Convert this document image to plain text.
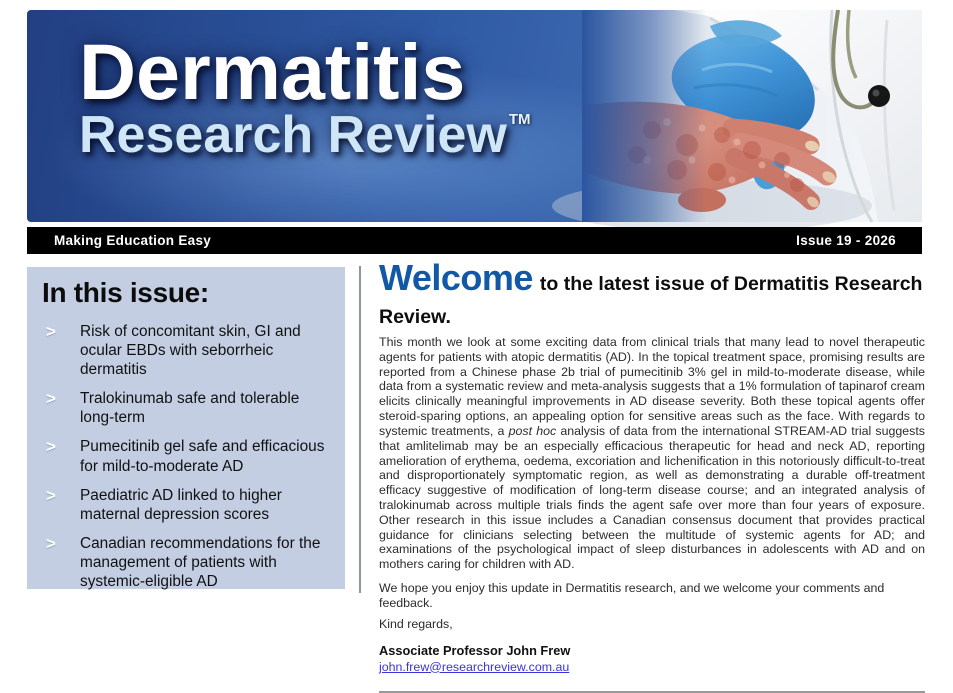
Dermatitis
Research Review TM
Making Education Easy	Issue 19 - 2026
In this issue:
>	Risk of concomitant skin, GI and ocular EBDs with seborrheic dermatitis
>	Tralokinumab safe and tolerable long-term
>	Pumecitinib gel safe and efficacious for mild-to-moderate AD
>	Paediatric AD linked to higher maternal depression scores
>	Canadian recommendations for the management of patients with systemic-eligible AD
Welcome to the latest issue of Dermatitis Research Review.

This month we look at some exciting data from clinical trials that many lead to novel therapeutic agents for patients with atopic dermatitis (AD). In the topical treatment space, promising results are reported from a Chinese phase 2b trial of pumecitinib 3% gel in mild-to-moderate disease, while data from a systematic review and meta-analysis suggests that a 1% formulation of tapinarof cream elicits clinically meaningful improvements in AD disease severity. Both these topical agents offer steroid-sparing options, an appealing option for sensitive areas such as the face. With regards to systemic treatments, a post hoc analysis of data from the international STREAM-AD trial suggests that amlitelimab may be an especially efficacious therapeutic for head and neck AD, reporting amelioration of erythema, oedema, excoriation and lichenification in this notoriously difficult-to-treat and disproportionately symptomatic region, as well as demonstrating a durable off-treatment efficacy suggestive of modification of long-term disease course; and an integrated analysis of tralokinumab across multiple trials finds the agent safe over more than four years of exposure. Other research in this issue includes a Canadian consensus document that provides practical guidance for clinicians selecting between the multitude of systemic agents for AD; and examinations of the psychological impact of sleep disturbances in adolescents with AD and on mothers caring for children with AD.

We hope you enjoy this update in Dermatitis research, and we welcome your comments and feedback.

Kind regards,

Associate Professor John Frew

john.frew@researchreview.com.au
